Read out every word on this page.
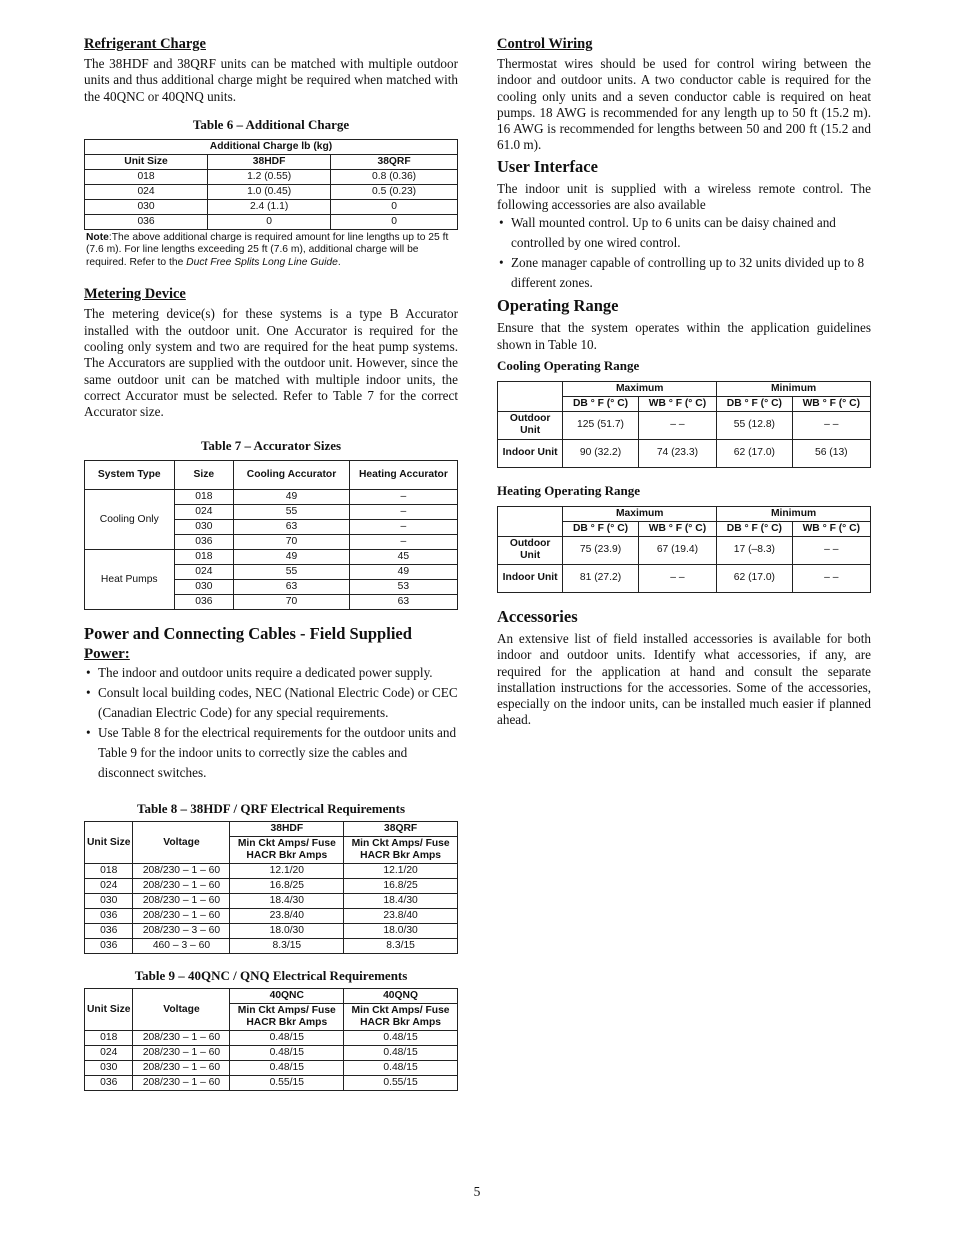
Refrigerant Charge

The 38HDF and 38QRF units can be matched with multiple outdoor units and thus additional charge might be required when matched with the 40QNC or 40QNQ units.

Table 6 – Additional Charge
Additional Charge lb (kg)		
Unit Size	38HDF	38QRF
018	1.2 (0.55)	0.8 (0.36)
024	1.0 (0.45)	0.5 (0.23)
030	2.4 (1.1)	0
036	0	0
Note:The above additional charge is required amount for line lengths up to 25 ft (7.6 m). For line lengths exceeding 25 ft (7.6 m), additional charge will be required. Refer to the Duct Free Splits Long Line Guide.
Metering Device

The metering device(s) for these systems is a type B Accurator installed with the outdoor unit. One Accurator is required for the cooling only system and two are required for the heat pump systems. The Accurators are supplied with the outdoor unit. However, since the same outdoor unit can be matched with multiple indoor units, the correct Accurator must be selected. Refer to Table 7 for the correct Accurator size.

Table 7 – Accurator Sizes
System Type	Size	Cooling Accurator	Heating Accurator
Cooling Only	018	49	–
	024	55	–
	030	63	–
	036	70	–
Heat Pumps	018	49	45
	024	55	49
	030	63	53
	036	70	63
Power and Connecting Cables - Field Supplied
Power:
• The indoor and outdoor units require a dedicated power supply.
• Consult local building codes, NEC (National Electric Code) or CEC (Canadian Electric Code) for any special requirements.
• Use Table 8 for the electrical requirements for the outdoor units and Table 9 for the indoor units to correctly size the cables and disconnect switches.
Table 8 – 38HDF / QRF Electrical Requirements
Unit Size	Voltage	38HDF	38QRF
		Min Ckt Amps/ Fuse HACR Bkr Amps	Min Ckt Amps/ Fuse HACR Bkr Amps
018	208/230 – 1 – 60	12.1/20	12.1/20
024	208/230 – 1 – 60	16.8/25	16.8/25
030	208/230 – 1 – 60	18.4/30	18.4/30
036	208/230 – 1 – 60	23.8/40	23.8/40
036	208/230 – 3 – 60	18.0/30	18.0/30
036	460 – 3 – 60	8.3/15	8.3/15
Table 9 – 40QNC / QNQ Electrical Requirements
Unit Size	Voltage	40QNC	40QNQ
		Min Ckt Amps/ Fuse HACR Bkr Amps	Min Ckt Amps/ Fuse HACR Bkr Amps
018	208/230 – 1 – 60	0.48/15	0.48/15
024	208/230 – 1 – 60	0.48/15	0.48/15
030	208/230 – 1 – 60	0.48/15	0.48/15
036	208/230 – 1 – 60	0.55/15	0.55/15
Control Wiring

Thermostat wires should be used for control wiring between the indoor and outdoor units. A two conductor cable is required for the cooling only units and a seven conductor cable is required on heat pumps. 18 AWG is recommended for any length up to 50 ft (15.2 m). 16 AWG is recommended for lengths between 50 and 200 ft (15.2 and 61.0 m).

User Interface

The indoor unit is supplied with a wireless remote control. The following accessories are also available

• Wall mounted control. Up to 6 units can be daisy chained and controlled by one wired control.
• Zone manager capable of controlling up to 32 units divided up to 8 different zones.
Operating Range

Ensure that the system operates within the application guidelines shown in Table 10.

Cooling Operating Range
	Maximum		Minimum	
	DB ° F (° C)	WB ° F (° C)	DB ° F (° C)	WB ° F (° C)
Outdoor Unit	125 (51.7)	– –	55 (12.8)	– –
Indoor Unit	90 (32.2)	74 (23.3)	62 (17.0)	56 (13)
Heating Operating Range
	Maximum		Minimum	
	DB ° F (° C)	WB ° F (° C)	DB ° F (° C)	WB ° F (° C)
Outdoor Unit	75 (23.9)	67 (19.4)	17 (–8.3)	– –
Indoor Unit	81 (27.2)	– –	62 (17.0)	– –
Accessories

An extensive list of field installed accessories is available for both indoor and outdoor units. Identify what accessories, if any, are required for the application at hand and consult the separate installation instructions for the accessories. Some of the accessories, especially on the indoor units, can be installed much easier if planned ahead.

5
